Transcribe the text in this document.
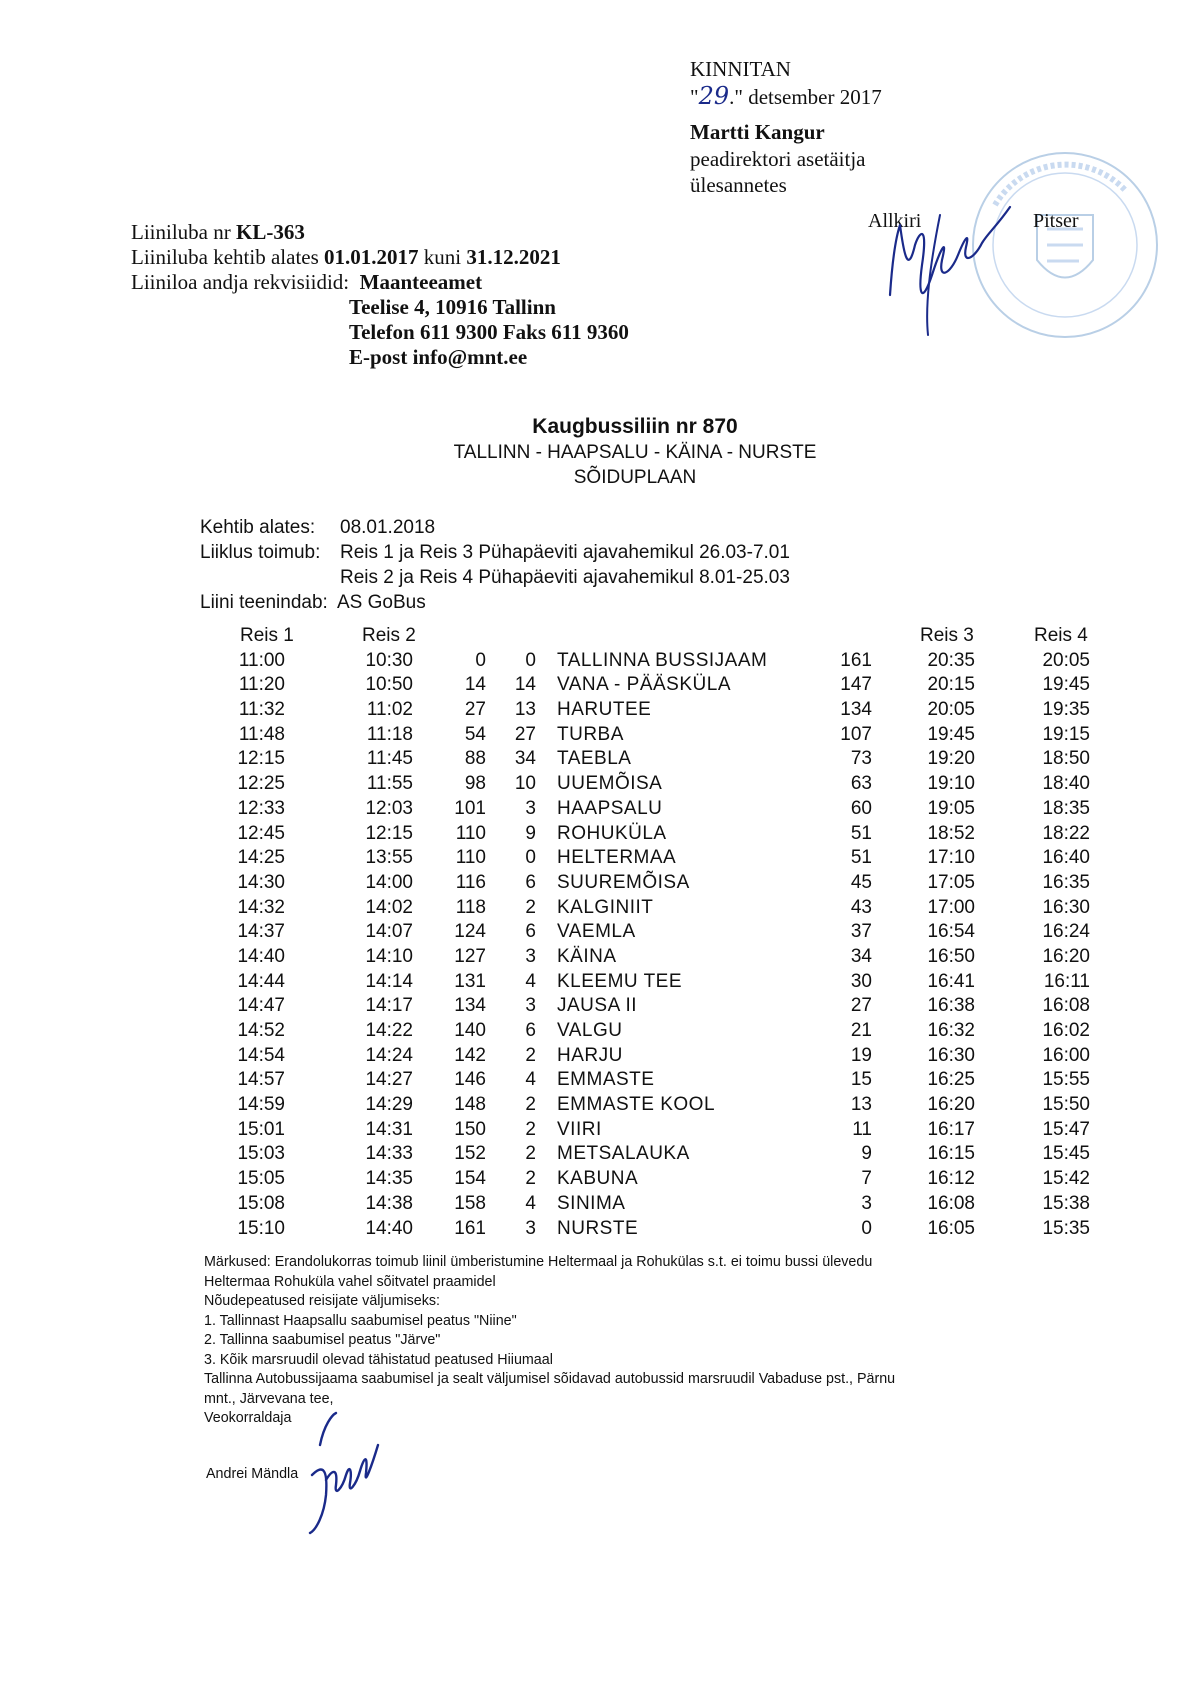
KINNITAN
"29." detsember 2017
Martti Kangur
peadirektori asetäitja
ülesannetes
Allkiri	Pitser
Liiniluba nr KL-363
Liiniluba kehtib alates 01.01.2017 kuni 31.12.2021
Liiniloa andja rekvisiidid: Maanteeamet
Teelise 4, 10916 Tallinn
Telefon 611 9300 Faks 611 9360
E-post info@mnt.ee
Kaugbussiliin nr 870
TALLINN - HAAPSALU - KÄINA - NURSTE
SÕIDUPLAAN
Kehtib alates: 08.01.2018
Liiklus toimub: Reis 1 ja Reis 3 Pühapäeviti ajavahemikul 26.03-7.01
Reis 2 ja Reis 4 Pühapäeviti ajavahemikul 8.01-25.03
Liini teenindab: AS GoBus
Reis 1	Reis 2	Reis 3	Reis 4
11:00	10:30	0	0 TALLINNA BUSSIJAAM	161	20:35	20:05
11:20	10:50	14	14 VANA - PÄÄSKÜLA	147	20:15	19:45
11:32	11:02	27	13 HARUTEE	134	20:05	19:35
11:48	11:18	54	27 TURBA	107	19:45	19:15
12:15	11:45	88	34 TAEBLA	73	19:20	18:50
12:25	11:55	98	10 UUEMÕISA	63	19:10	18:40
12:33	12:03	101	3 HAAPSALU	60	19:05	18:35
12:45	12:15	110	9 ROHUKÜLA	51	18:52	18:22
14:25	13:55	110	0 HELTERMAA	51	17:10	16:40
14:30	14:00	116	6 SUUREMÕISA	45	17:05	16:35
14:32	14:02	118	2 KALGINIIT	43	17:00	16:30
14:37	14:07	124	6 VAEMLA	37	16:54	16:24
14:40	14:10	127	3 KÄINA	34	16:50	16:20
14:44	14:14	131	4 KLEEMU TEE	30	16:41	16:11
14:47	14:17	134	3 JAUSA II	27	16:38	16:08
14:52	14:22	140	6 VALGU	21	16:32	16:02
14:54	14:24	142	2 HARJU	19	16:30	16:00
14:57	14:27	146	4 EMMASTE	15	16:25	15:55
14:59	14:29	148	2 EMMASTE KOOL	13	16:20	15:50
15:01	14:31	150	2 VIIRI	11	16:17	15:47
15:03	14:33	152	2 METSALAUKA	9	16:15	15:45
15:05	14:35	154	2 KABUNA	7	16:12	15:42
15:08	14:38	158	4 SINIMA	3	16:08	15:38
15:10	14:40	161	3 NURSTE	0	16:05	15:35
Märkused: Erandolukorras toimub liinil ümberistumine Heltermaal ja Rohukülas s.t. ei toimu bussi ülevedu
Heltermaa Rohuküla vahel sõitvatel praamidel
Nõudepeatused reisijate väljumiseks:
1. Tallinnast Haapsallu saabumisel peatus "Niine"
2. Tallinna saabumisel peatus "Järve"
3. Kõik marsruudil olevad tähistatud peatused Hiiumaal
Tallinna Autobussijaama saabumisel ja sealt väljumisel sõidavad autobussid marsruudil Vabaduse pst., Pärnu
mnt., Järvevana tee,
Veokorraldaja
Andrei Mändla
